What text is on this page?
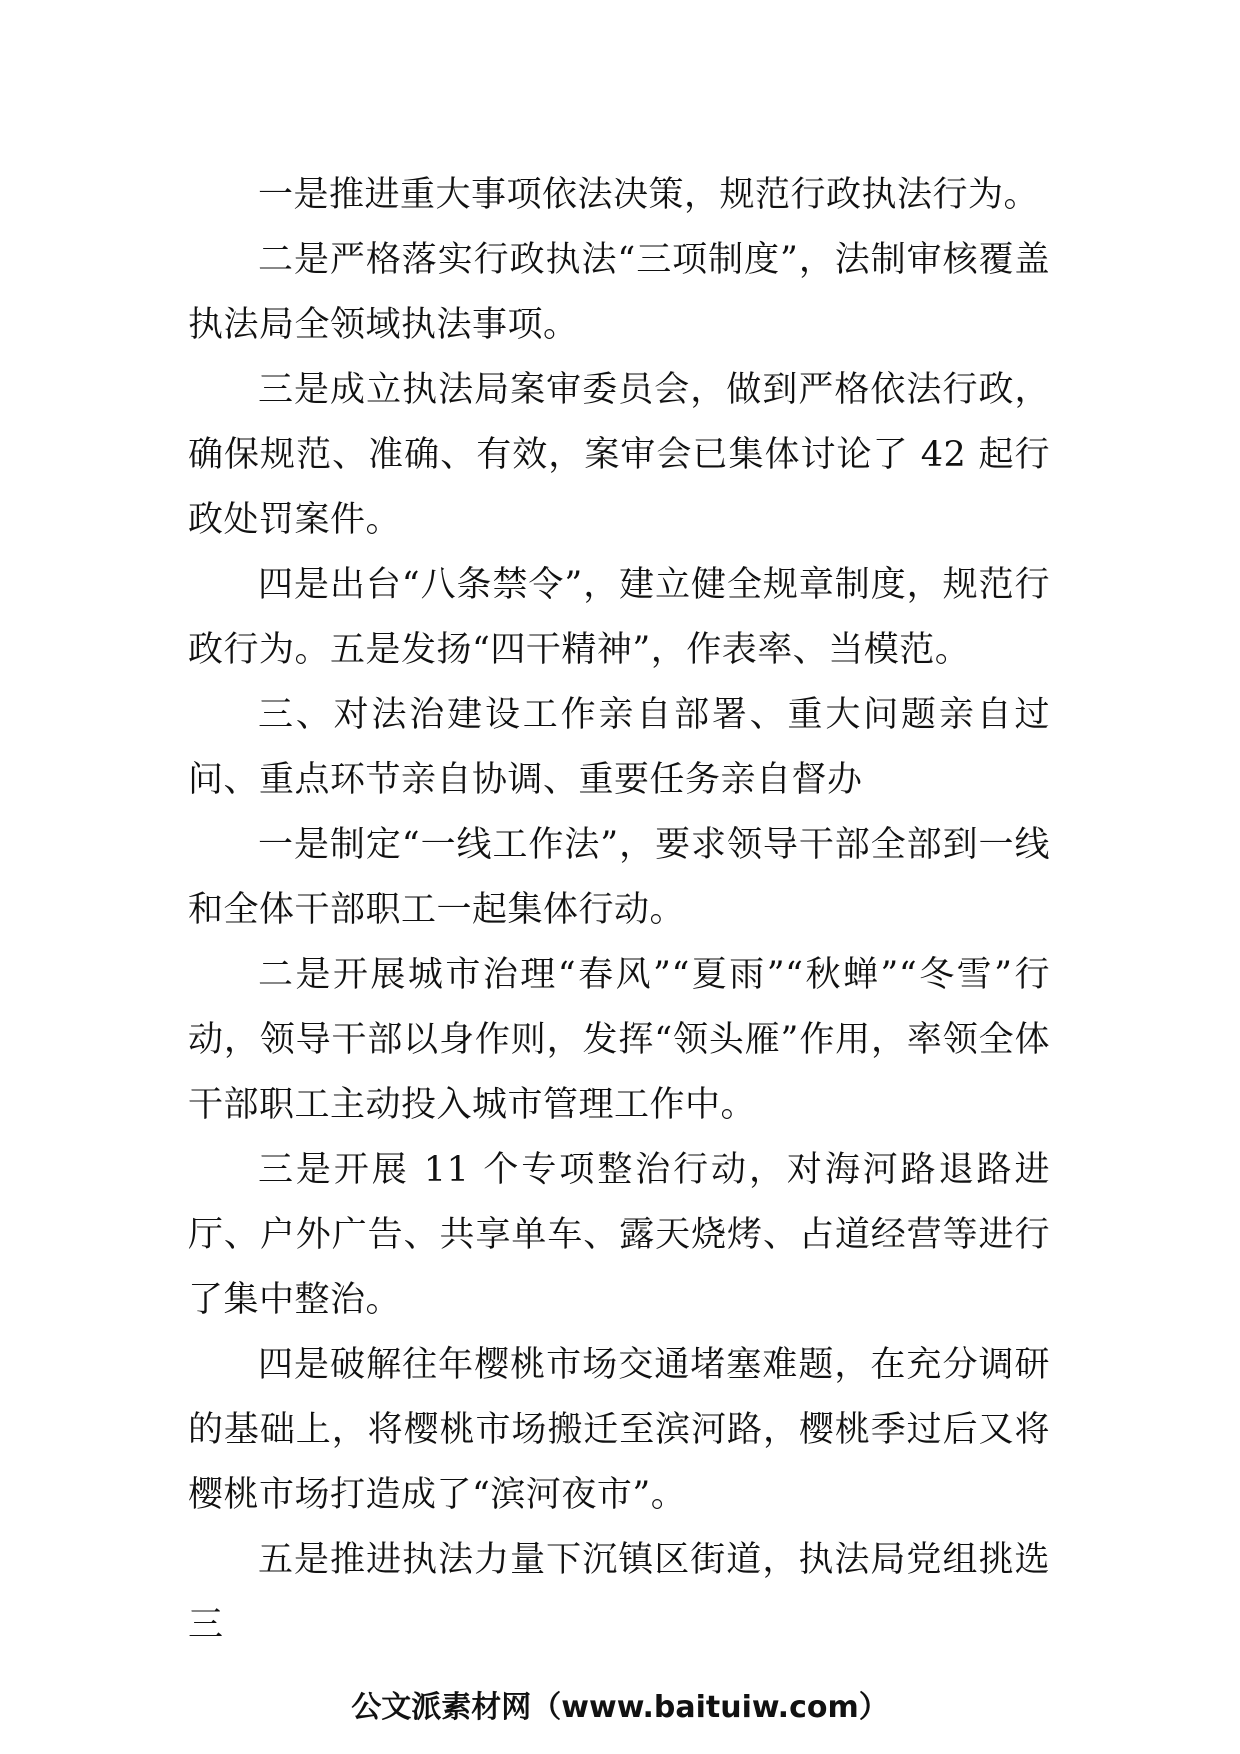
一是推进重大事项依法决策，规范行政执法行为。

二是严格落实行政执法“三项制度”，法制审核覆盖执法局全领域执法事项。

三是成立执法局案审委员会，做到严格依法行政，确保规范、准确、有效，案审会已集体讨论了 42 起行政处罚案件。

四是出台“八条禁令”，建立健全规章制度，规范行政行为。五是发扬“四干精神”，作表率、当模范。

三、对法治建设工作亲自部署、重大问题亲自过问、重点环节亲自协调、重要任务亲自督办

一是制定“一线工作法”，要求领导干部全部到一线和全体干部职工一起集体行动。

二是开展城市治理“春风”“夏雨”“秋蝉”“冬雪”行动，领导干部以身作则，发挥“领头雁”作用，率领全体干部职工主动投入城市管理工作中。

三是开展 11 个专项整治行动，对海河路退路进厅、户外广告、共享单车、露天烧烤、占道经营等进行了集中整治。

四是破解往年樱桃市场交通堵塞难题，在充分调研的基础上，将樱桃市场搬迁至滨河路，樱桃季过后又将樱桃市场打造成了“滨河夜市”。

五是推进执法力量下沉镇区街道，执法局党组挑选三

公文派素材网（www.baituiw.com）
